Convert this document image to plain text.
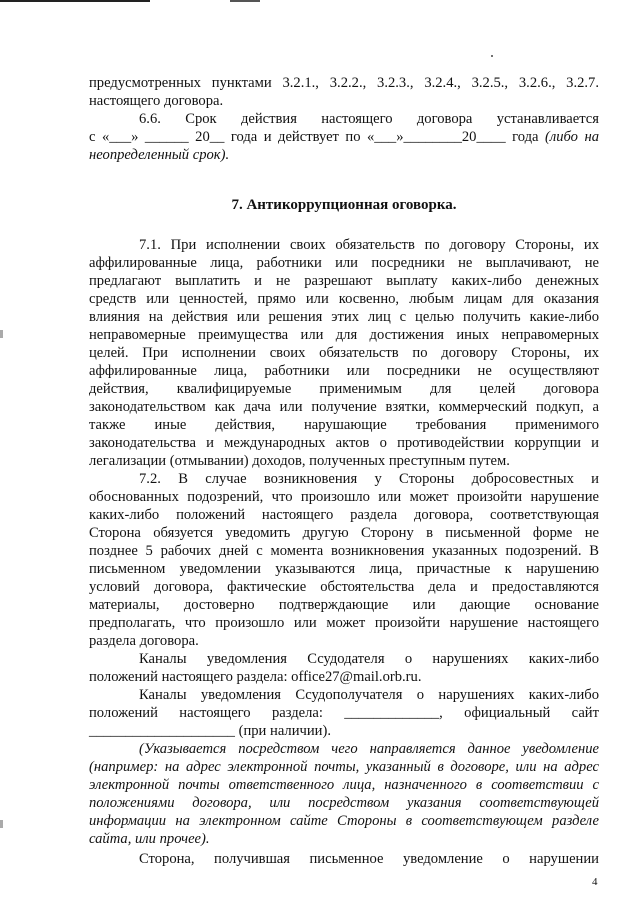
предусмотренных пунктами 3.2.1., 3.2.2., 3.2.3., 3.2.4., 3.2.5., 3.2.6., 3.2.7.
настоящего договора.
6.6. Срок действия настоящего договора устанавливается
с «___» ______ 20__ года и действует по «___»________20____ года (либо на
неопределенный срок).
7. Антикоррупционная оговорка.
7.1. При исполнении своих обязательств по договору Стороны, их
аффилированные лица, работники или посредники не выплачивают, не
предлагают выплатить и не разрешают выплату каких-либо денежных
средств или ценностей, прямо или косвенно, любым лицам для оказания
влияния на действия или решения этих лиц с целью получить какие-либо
неправомерные преимущества или для достижения иных неправомерных
целей. При исполнении своих обязательств по договору Стороны, их
аффилированные лица, работники или посредники не осуществляют
действия, квалифицируемые применимым для целей договора
законодательством как дача или получение взятки, коммерческий подкуп, а
также иные действия, нарушающие требования применимого
законодательства и международных актов о противодействии коррупции и
легализации (отмывании) доходов, полученных преступным путем.
7.2. В случае возникновения у Стороны добросовестных и
обоснованных подозрений, что произошло или может произойти нарушение
каких-либо положений настоящего раздела договора, соответствующая
Сторона обязуется уведомить другую Сторону в письменной форме не
позднее 5 рабочих дней с момента возникновения указанных подозрений. В
письменном уведомлении указываются лица, причастные к нарушению
условий договора, фактические обстоятельства дела и предоставляются
материалы, достоверно подтверждающие или дающие основание
предполагать, что произошло или может произойти нарушение настоящего
раздела договора.
Каналы уведомления Ссудодателя о нарушениях каких-либо
положений настоящего раздела: office27@mail.orb.ru.
Каналы уведомления Ссудополучателя о нарушениях каких-либо
положений настоящего раздела: _____________, официальный сайт
____________________ (при наличии).
(Указывается посредством чего направляется данное уведомление
(например: на адрес электронной почты, указанный в договоре, или на адрес
электронной почты ответственного лица, назначенного в соответствии с
положениями договора, или посредством указания соответствующей
информации на электронном сайте Стороны в соответствующем разделе
сайта, или прочее).
Сторона, получившая письменное уведомление о нарушении
4
